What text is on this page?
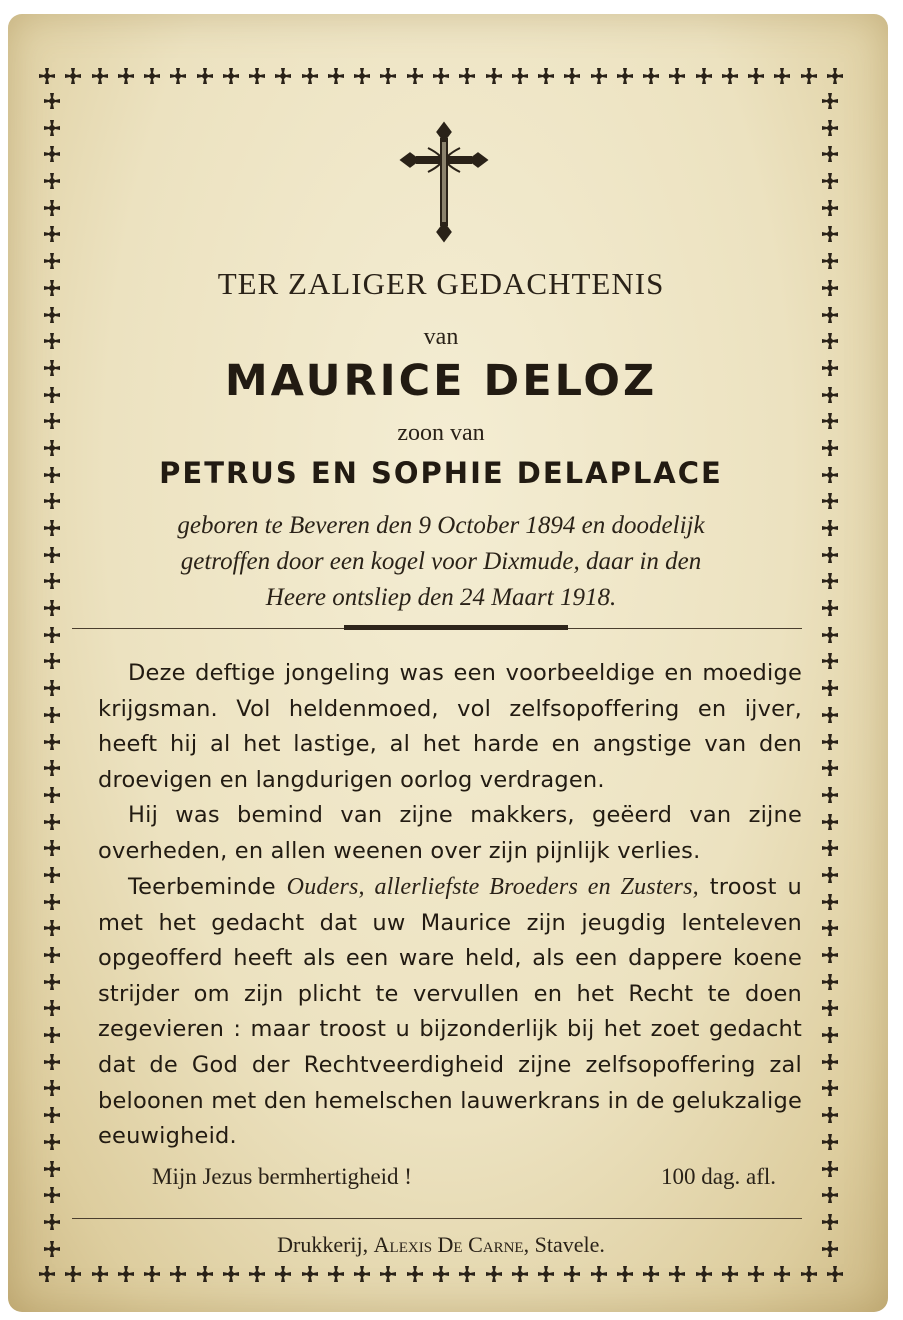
TER ZALIGER GEDACHTENIS
van
MAURICE DELOZ
zoon van
PETRUS EN SOPHIE DELAPLACE
geboren te Beveren den 9 October 1894 en doodelijk
getroffen door een kogel voor Dixmude, daar in den
Heere ontsliep den 24 Maart 1918.
Deze deftige jongeling was een voorbeeldige en moedige krijgsman. Vol heldenmoed, vol zelfsopoffering en ijver, heeft hij al het lastige, al het harde en angstige van den droevigen en langdurigen oorlog verdragen.
Hij was bemind van zijne makkers, geëerd van zijne overheden, en allen weenen over zijn pijnlijk verlies.
Teerbeminde Ouders, allerliefste Broeders en Zusters, troost u met het gedacht dat uw Maurice zijn jeugdig lenteleven opgeofferd heeft als een ware held, als een dappere koene strijder om zijn plicht te vervullen en het Recht te doen zegevieren : maar troost u bijzonderlijk bij het zoet gedacht dat de God der Rechtveerdigheid zijne zelfsopoffering zal beloonen met den hemelschen lauwerkrans in de gelukzalige eeuwigheid.
Mijn Jezus bermhertigheid !	100 dag. afl.
Drukkerij, Alexis De Carne, Stavele.
